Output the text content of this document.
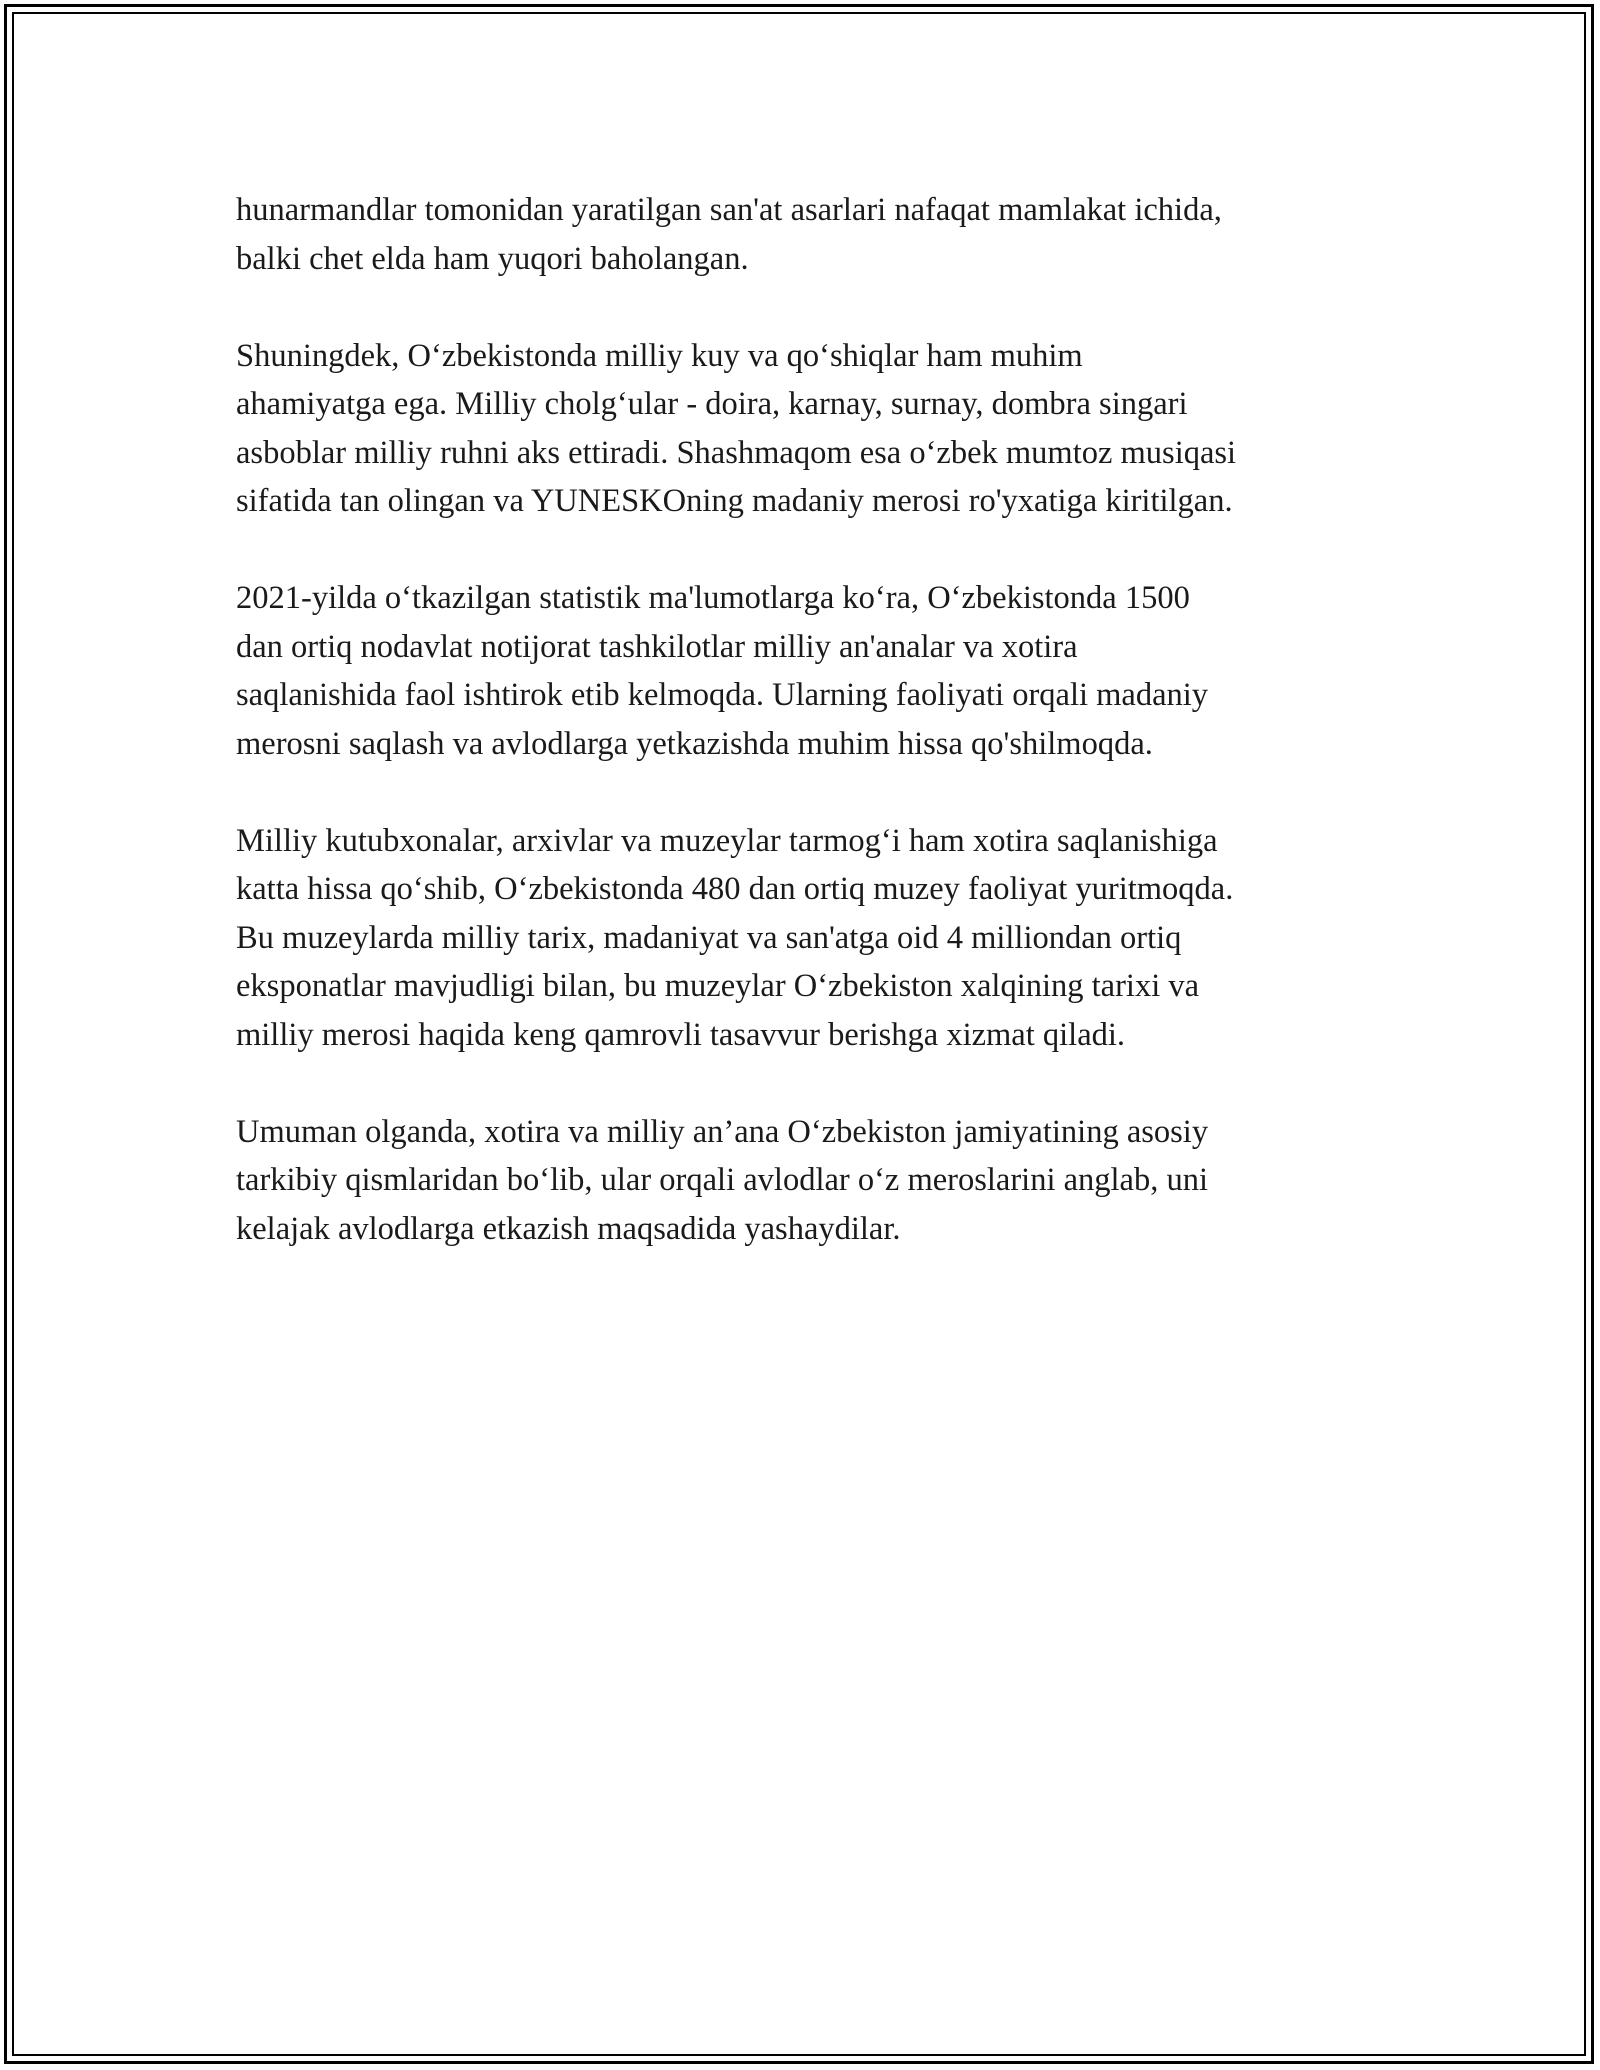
hunarmandlar tomonidan yaratilgan san'at asarlari nafaqat mamlakat ichida,
balki chet elda ham yuqori baholangan.

Shuningdek, O‘zbekistonda milliy kuy va qo‘shiqlar ham muhim
ahamiyatga ega. Milliy cholg‘ular - doira, karnay, surnay, dombra singari
asboblar milliy ruhni aks ettiradi. Shashmaqom esa o‘zbek mumtoz musiqasi
sifatida tan olingan va YUNESKOning madaniy merosi ro'yxatiga kiritilgan.

2021-yilda o‘tkazilgan statistik ma'lumotlarga ko‘ra, O‘zbekistonda 1500
dan ortiq nodavlat notijorat tashkilotlar milliy an'analar va xotira
saqlanishida faol ishtirok etib kelmoqda. Ularning faoliyati orqali madaniy
merosni saqlash va avlodlarga yetkazishda muhim hissa qo'shilmoqda.

Milliy kutubxonalar, arxivlar va muzeylar tarmog‘i ham xotira saqlanishiga
katta hissa qo‘shib, O‘zbekistonda 480 dan ortiq muzey faoliyat yuritmoqda.
Bu muzeylarda milliy tarix, madaniyat va san'atga oid 4 milliondan ortiq
eksponatlar mavjudligi bilan, bu muzeylar O‘zbekiston xalqining tarixi va
milliy merosi haqida keng qamrovli tasavvur berishga xizmat qiladi.

Umuman olganda, xotira va milliy an’ana O‘zbekiston jamiyatining asosiy
tarkibiy qismlaridan bo‘lib, ular orqali avlodlar o‘z meroslarini anglab, uni
kelajak avlodlarga etkazish maqsadida yashaydilar.
